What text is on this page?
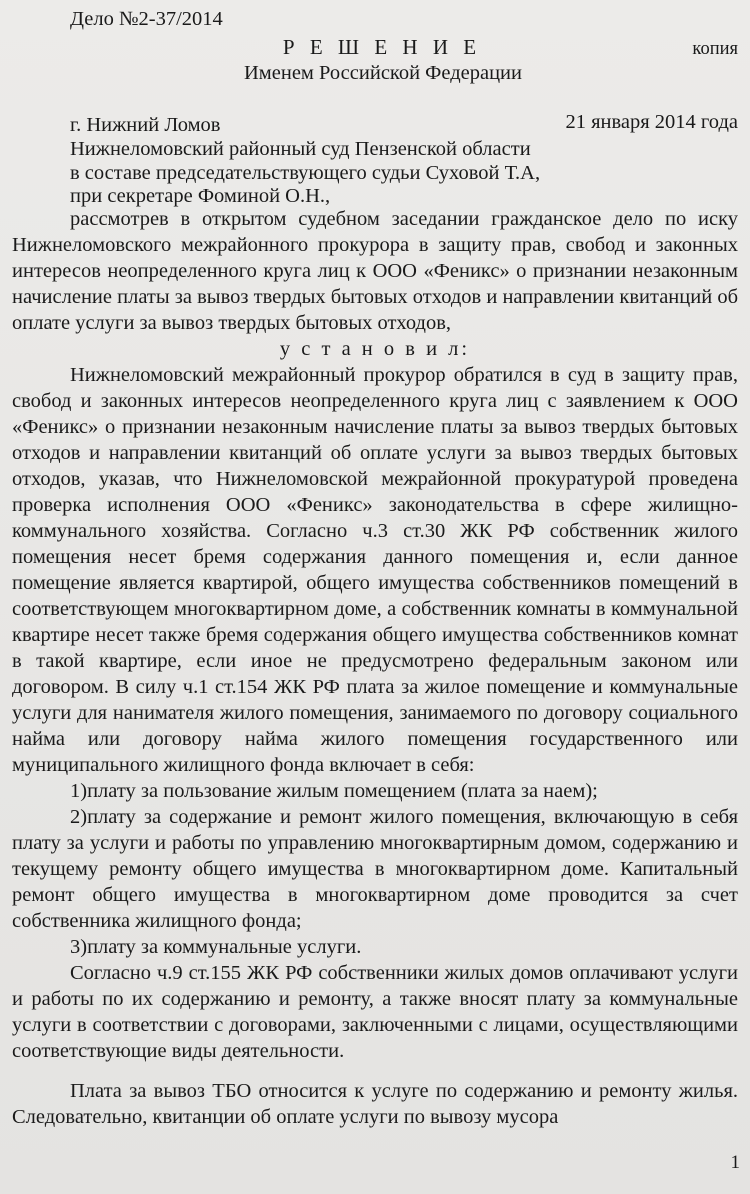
Дело №2-37/2014
Р Е Ш Е Н И Е
Именем Российской Федерации
копия
г. Нижний Ломов	21 января 2014 года
Нижнеломовский районный суд Пензенской области
в составе председательствующего судьи Суховой Т.А,
при секретаре Фоминой О.Н.,

рассмотрев в открытом судебном заседании гражданское дело по иску Нижнеломовского межрайонного прокурора в защиту прав, свобод и законных интересов неопределенного круга лиц к ООО «Феникс» о признании незаконным начисление платы за вывоз твердых бытовых отходов и направлении квитанций об оплате услуги за вывоз твердых бытовых отходов,

у с т а н о в и л:

Нижнеломовский межрайонный прокурор обратился в суд в защиту прав, свобод и законных интересов неопределенного круга лиц с заявлением к ООО «Феникс» о признании незаконным начисление платы за вывоз твердых бытовых отходов и направлении квитанций об оплате услуги за вывоз твердых бытовых отходов, указав, что Нижнеломовской межрайонной прокуратурой проведена проверка исполнения ООО «Феникс» законодательства в сфере жилищно-коммунального хозяйства. Согласно ч.3 ст.30 ЖК РФ собственник жилого помещения несет бремя содержания данного помещения и, если данное помещение является квартирой, общего имущества собственников помещений в соответствующем многоквартирном доме, а собственник комнаты в коммунальной квартире несет также бремя содержания общего имущества собственников комнат в такой квартире, если иное не предусмотрено федеральным законом или договором. В силу ч.1 ст.154 ЖК РФ плата за жилое помещение и коммунальные услуги для нанимателя жилого помещения, занимаемого по договору социального найма или договору найма жилого помещения государственного или муниципального жилищного фонда включает в себя:

1)плату за пользование жилым помещением (плата за наем);

2)плату за содержание и ремонт жилого помещения, включающую в себя плату за услуги и работы по управлению многоквартирным домом, содержанию и текущему ремонту общего имущества в многоквартирном доме. Капитальный ремонт общего имущества в многоквартирном доме проводится за счет собственника жилищного фонда;

3)плату за коммунальные услуги.

Согласно ч.9 ст.155 ЖК РФ собственники жилых домов оплачивают услуги и работы по их содержанию и ремонту, а также вносят плату за коммунальные услуги в соответствии с договорами, заключенными с лицами, осуществляющими соответствующие виды деятельности.

Плата за вывоз ТБО относится к услуге по содержанию и ремонту жилья. Следовательно, квитанции об оплате услуги по вывозу мусора

1
